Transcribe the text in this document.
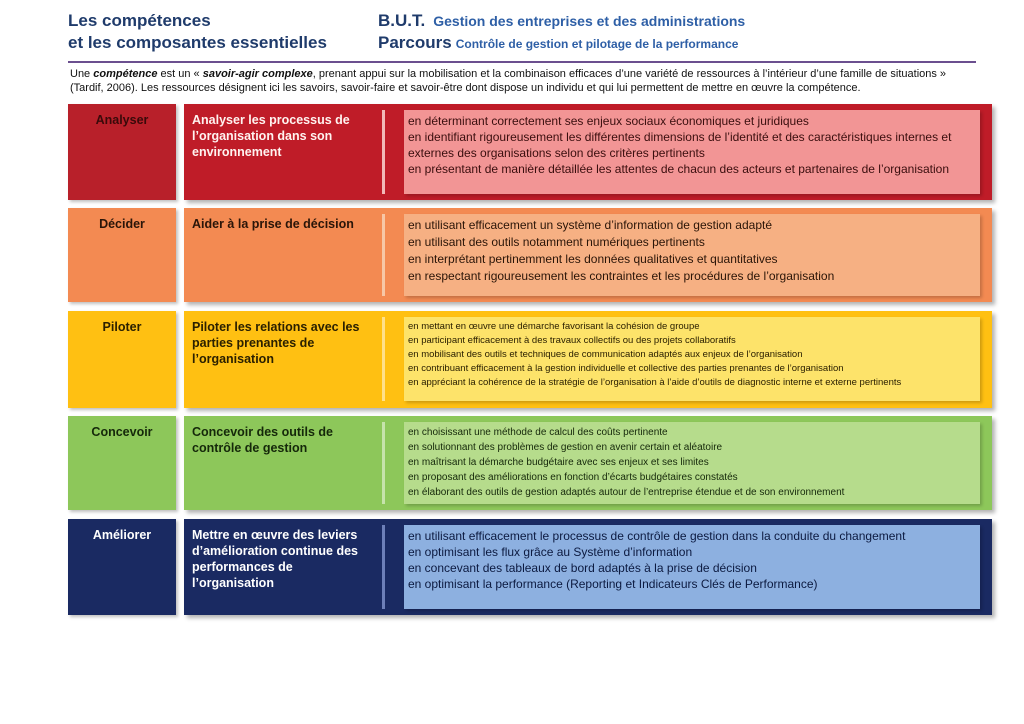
Les compétences
et les composantes essentielles
B.U.T. Gestion des entreprises et des administrations
Parcours Contrôle de gestion et pilotage de la performance

Une compétence est un « savoir-agir complexe, prenant appui sur la mobilisation et la combinaison efficaces d’une variété de ressources à l’intérieur d’une famille de situations » (Tardif, 2006). Les ressources désignent ici les savoirs, savoir-faire et savoir-être dont dispose un individu et qui lui permettent de mettre en œuvre la compétence.

Analyser	Analyser les processus de l’organisation dans son environnement
en déterminant correctement ses enjeux sociaux économiques et juridiques
en identifiant rigoureusement les différentes dimensions de l’identité et des caractéristiques internes et externes des organisations selon des critères pertinents
en présentant de manière détaillée les attentes de chacun des acteurs et partenaires de l’organisation
Décider	Aider à la prise de décision	en utilisant efficacement un système d’information de gestion adapté
en utilisant des outils notamment numériques pertinents
en interprétant pertinemment les données qualitatives et quantitatives
en respectant rigoureusement les contraintes et les procédures de l’organisation
Piloter	Piloter les relations avec les parties prenantes de l’organisation
en mettant en œuvre une démarche favorisant la cohésion de groupe
en participant efficacement à des travaux collectifs ou des projets collaboratifs
en mobilisant des outils et techniques de communication adaptés aux enjeux de l’organisation
en contribuant efficacement à la gestion individuelle et collective des parties prenantes de l’organisation
en appréciant la cohérence de la stratégie de l’organisation à l’aide d’outils de diagnostic interne et externe pertinents
Concevoir	Concevoir des outils de contrôle de gestion
en choisissant une méthode de calcul des coûts pertinente
en solutionnant des problèmes de gestion en avenir certain et aléatoire
en maîtrisant la démarche budgétaire avec ses enjeux et ses limites
en proposant des améliorations en fonction d’écarts budgétaires constatés
en élaborant des outils de gestion adaptés autour de l’entreprise étendue et de son environnement
Améliorer	Mettre en œuvre des leviers d’amélioration continue des performances de l’organisation
en utilisant efficacement le processus de contrôle de gestion dans la conduite du changement
en optimisant les flux grâce au Système d’information
en concevant des tableaux de bord adaptés à la prise de décision
en optimisant la performance (Reporting et Indicateurs Clés de Performance)
